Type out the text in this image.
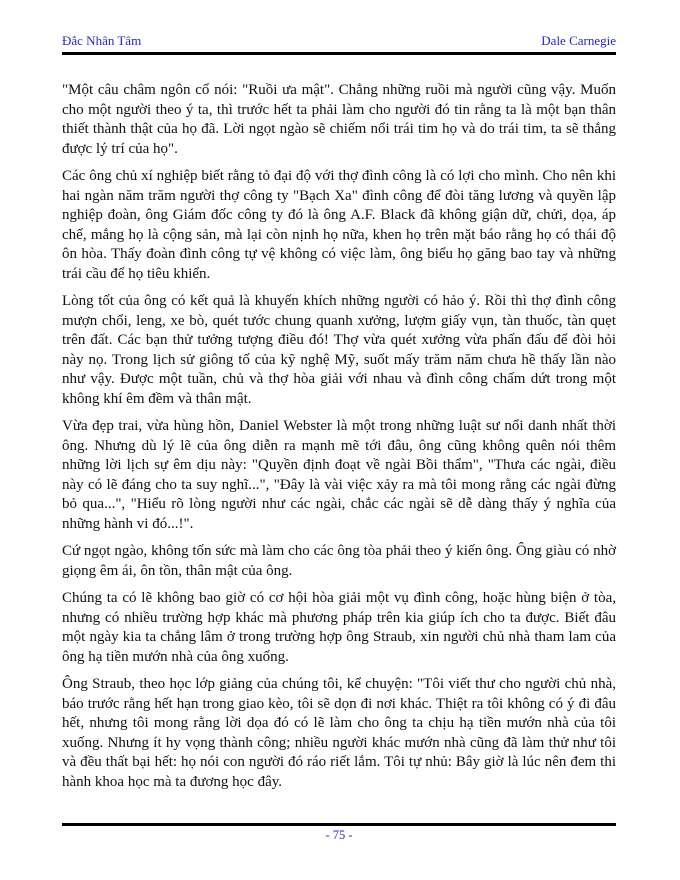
Đắc Nhân Tâm	Dale Carnegie

"Một câu châm ngôn cổ nói: "Ruồi ưa mật". Chẳng những ruồi mà người cũng vậy. Muốn cho một người theo ý ta, thì trước hết ta phải làm cho người đó tin rằng ta là một bạn thân thiết thành thật của họ đã. Lời ngọt ngào sẽ chiếm nổi trái tim họ và do trái tim, ta sẽ thắng được lý trí của họ".

Các ông chủ xí nghiệp biết rằng tỏ đại độ với thợ đình công là có lợi cho mình. Cho nên khi hai ngàn năm trăm người thợ công ty "Bạch Xa" đình công để đòi tăng lương và quyền lập nghiệp đoàn, ông Giám đốc công ty đó là ông A.F. Black đã không giận dữ, chửi, dọa, áp chế, mắng họ là cộng sản, mà lại còn nịnh họ nữa, khen họ trên mặt báo rằng họ có thái độ ôn hòa. Thấy đoàn đình công tự vệ không có việc làm, ông biểu họ găng bao tay và những trái cầu để họ tiêu khiển.

Lòng tốt của ông có kết quả là khuyến khích những người có hảo ý. Rồi thì thợ đình công mượn chổi, leng, xe bò, quét tước chung quanh xưởng, lượm giấy vụn, tàn thuốc, tàn quẹt trên đất. Các bạn thử tưởng tượng điều đó! Thợ vừa quét xưởng vừa phấn đấu để đòi hỏi này nọ. Trong lịch sử giông tố của kỹ nghệ Mỹ, suốt mấy trăm năm chưa hề thấy lần nào như vậy. Được một tuần, chủ và thợ hòa giải với nhau và đình công chấm dứt trong một không khí êm đềm và thân mật.

Vừa đẹp trai, vừa hùng hồn, Daniel Webster là một trong những luật sư nổi danh nhất thời ông. Nhưng dù lý lẽ của ông diễn ra mạnh mẽ tới đâu, ông cũng không quên nói thêm những lời lịch sự êm dịu này: "Quyền định đoạt về ngài Bồi thẩm", "Thưa các ngài, điều này có lẽ đáng cho ta suy nghĩ...", "Đây là vài việc xảy ra mà tôi mong rằng các ngài đừng bỏ qua...", "Hiểu rõ lòng người như các ngài, chắc các ngài sẽ dễ dàng thấy ý nghĩa của những hành vi đó...!".

Cứ ngọt ngào, không tốn sức mà làm cho các ông tòa phải theo ý kiến ông. Ông giàu có nhờ giọng êm ái, ôn tồn, thân mật của ông.

Chúng ta có lẽ không bao giờ có cơ hội hòa giải một vụ đình công, hoặc hùng biện ở tòa, nhưng có nhiều trường hợp khác mà phương pháp trên kia giúp ích cho ta được. Biết đâu một ngày kia ta chẳng lâm ở trong trường hợp ông Straub, xin người chủ nhà tham lam của ông hạ tiền mướn nhà của ông xuống.

Ông Straub, theo học lớp giảng của chúng tôi, kể chuyện: "Tôi viết thư cho người chủ nhà, báo trước rằng hết hạn trong giao kèo, tôi sẽ dọn đi nơi khác. Thiệt ra tôi không có ý đi đâu hết, nhưng tôi mong rằng lời dọa đó có lẽ làm cho ông ta chịu hạ tiền mướn nhà của tôi xuống. Nhưng ít hy vọng thành công; nhiều người khác mướn nhà cũng đã làm thử như tôi và đều thất bại hết: họ nói con người đó ráo riết lắm. Tôi tự nhủ: Bây giờ là lúc nên đem thi hành khoa học mà ta đương học đây.

- 75 -
